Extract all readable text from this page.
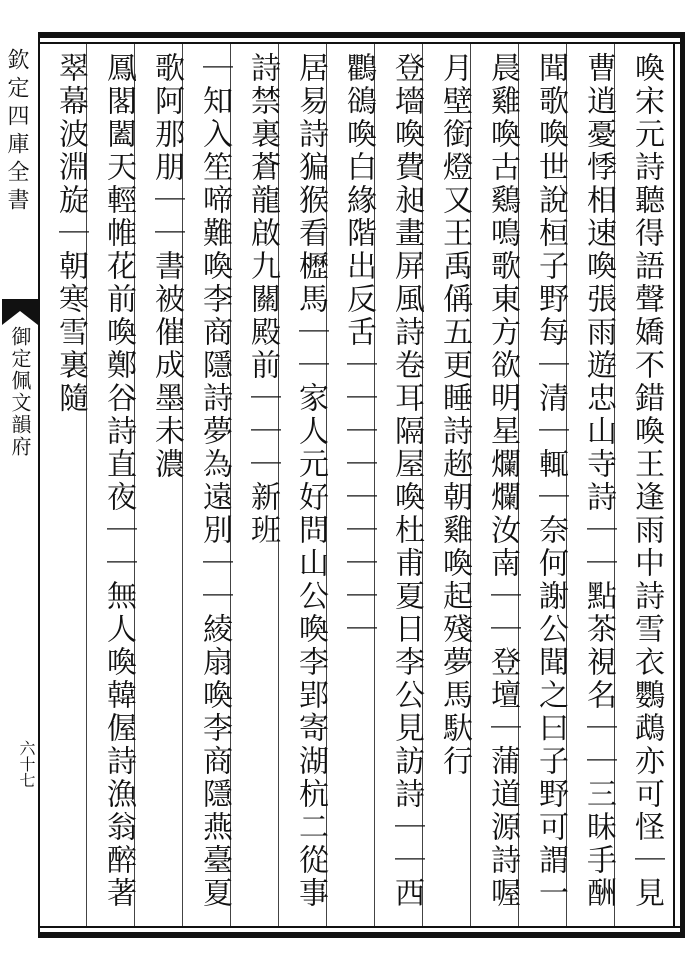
欽定四庫全書
御定佩文韻府
六十七
喚宋元詩聽得語聲嬌不錯喚王逢雨中詩雪衣鸚鵡亦可怪｜見
曹逍憂悸相速喚張雨遊忠山寺詩｜｜點茶視名｜｜三昧手酬
聞歌喚世說桓子野每｜清｜輒｜奈何謝公聞之曰子野可謂一
晨雞喚古鷄鳴歌東方欲明星爛爛汝南｜｜登壇｜蒲道源詩喔
月壁銜燈又王禹偁五更睡詩趂朝雞喚起殘夢馬馱行
登墻喚費昶畫屏風詩卷耳隔屋喚杜甫夏日李公見訪詩｜｜西
鸜鵒喚白緣階出反舌｜｜｜｜｜｜｜｜｜
居易詩猵猴看櫪馬｜｜家人元好問山公喚李郢寄湖杭二從事
詩禁裏蒼龍啟九關殿前｜｜｜新班
｜知入笙啼難喚李商隱詩夢為遠別｜｜綾扇喚李商隱燕臺夏
歌阿那朋｜｜書被催成墨未濃
鳳閣闔天輕帷花前喚鄭谷詩直夜｜｜無人喚韓偓詩漁翁醉著
翠幕波淵旋｜朝寒雪裏隨
